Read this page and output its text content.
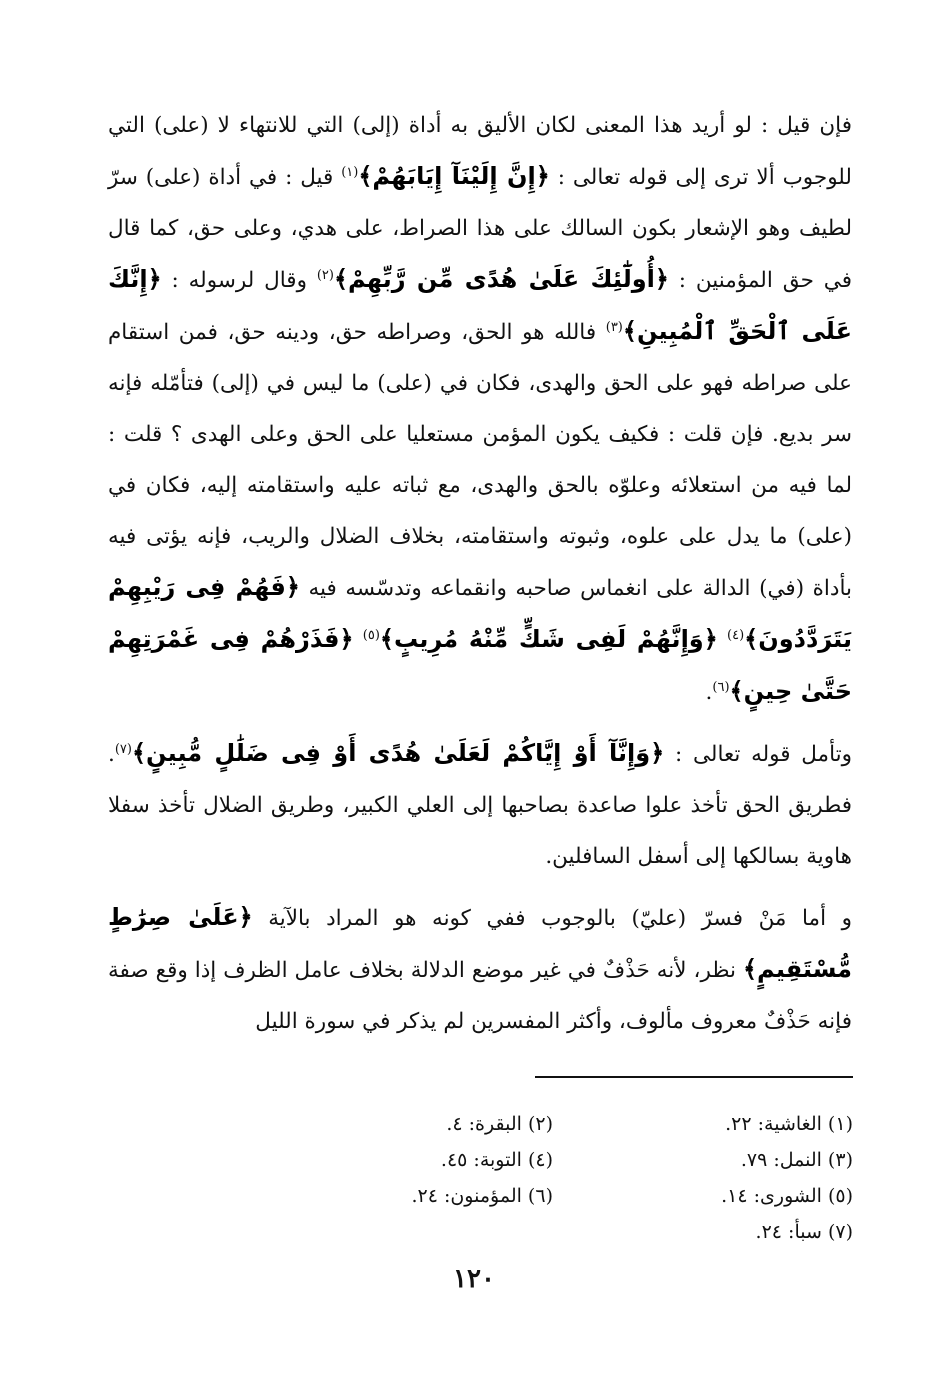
فإن قيل : لو أريد هذا المعنى لكان الأليق به أداة (إلى) التي للانتهاء لا (على) التي للوجوب ألا ترى إلى قوله تعالى : ﴿إِنَّ إِلَيْنَآ إِيَابَهُمْ﴾$^{(١)}$ قيل : في أداة (على) سرّ لطيف وهو الإشعار بكون السالك على هذا الصراط، على هدي، وعلى حق، كما قال في حق المؤمنين : ﴿أُولَٰٓئِكَ عَلَىٰ هُدًى مِّن رَّبِّهِمْ﴾$^{(٢)}$ وقال لرسوله : ﴿إِنَّكَ عَلَى ٱلْحَقِّ ٱلْمُبِينِ﴾$^{(٣)}$ فالله هو الحق، وصراطه حق، ودينه حق، فمن استقام على صراطه فهو على الحق والهدى، فكان في (على) ما ليس في (إلى) فتأمّله فإنه سر بديع. فإن قلت : فكيف يكون المؤمن مستعليا على الحق وعلى الهدى ؟ قلت : لما فيه من استعلائه وعلوّه بالحق والهدى، مع ثباته عليه واستقامته إليه، فكان في (على) ما يدل على علوه، وثبوته واستقامته، بخلاف الضلال والريب، فإنه يؤتى فيه بأداة (في) الدالة على انغماس صاحبه وانقماعه وتدسّسه فيه ﴿فَهُمْ فِى رَيْبِهِمْ يَتَرَدَّدُونَ﴾$^{(٤)}$ ﴿وَإِنَّهُمْ لَفِى شَكٍّ مِّنْهُ مُرِيبٍ﴾$^{(٥)}$ ﴿فَذَرْهُمْ فِى غَمْرَتِهِمْ حَتَّىٰ حِينٍ﴾$^{(٦)}$.

وتأمل قوله تعالى : ﴿وَإِنَّآ أَوْ إِيَّاكُمْ لَعَلَىٰ هُدًى أَوْ فِى ضَلَٰلٍ مُّبِينٍ﴾$^{(٧)}$. فطريق الحق تأخذ علوا صاعدة بصاحبها إلى العلي الكبير، وطريق الضلال تأخذ سفلا هاوية بسالكها إلى أسفل السافلين.

و أما مَنْ فسرّ (عليّ) بالوجوب ففي كونه هو المراد بالآية ﴿عَلَىٰ صِرَٰطٍ مُّسْتَقِيمٍ﴾ نظر، لأنه حَذْفٌ في غير موضع الدلالة بخلاف عامل الظرف إذا وقع صفة فإنه حَذْفٌ معروف مألوف، وأكثر المفسرين لم يذكر في سورة الليل

(١) الغاشية: ٢٢.
(٢) البقرة: ٤.
(٣) النمل: ٧٩.
(٤) التوبة: ٤٥.
(٥) الشورى: ١٤.
(٦) المؤمنون: ٢٤.
(٧) سبأ: ٢٤.
١٢٠
